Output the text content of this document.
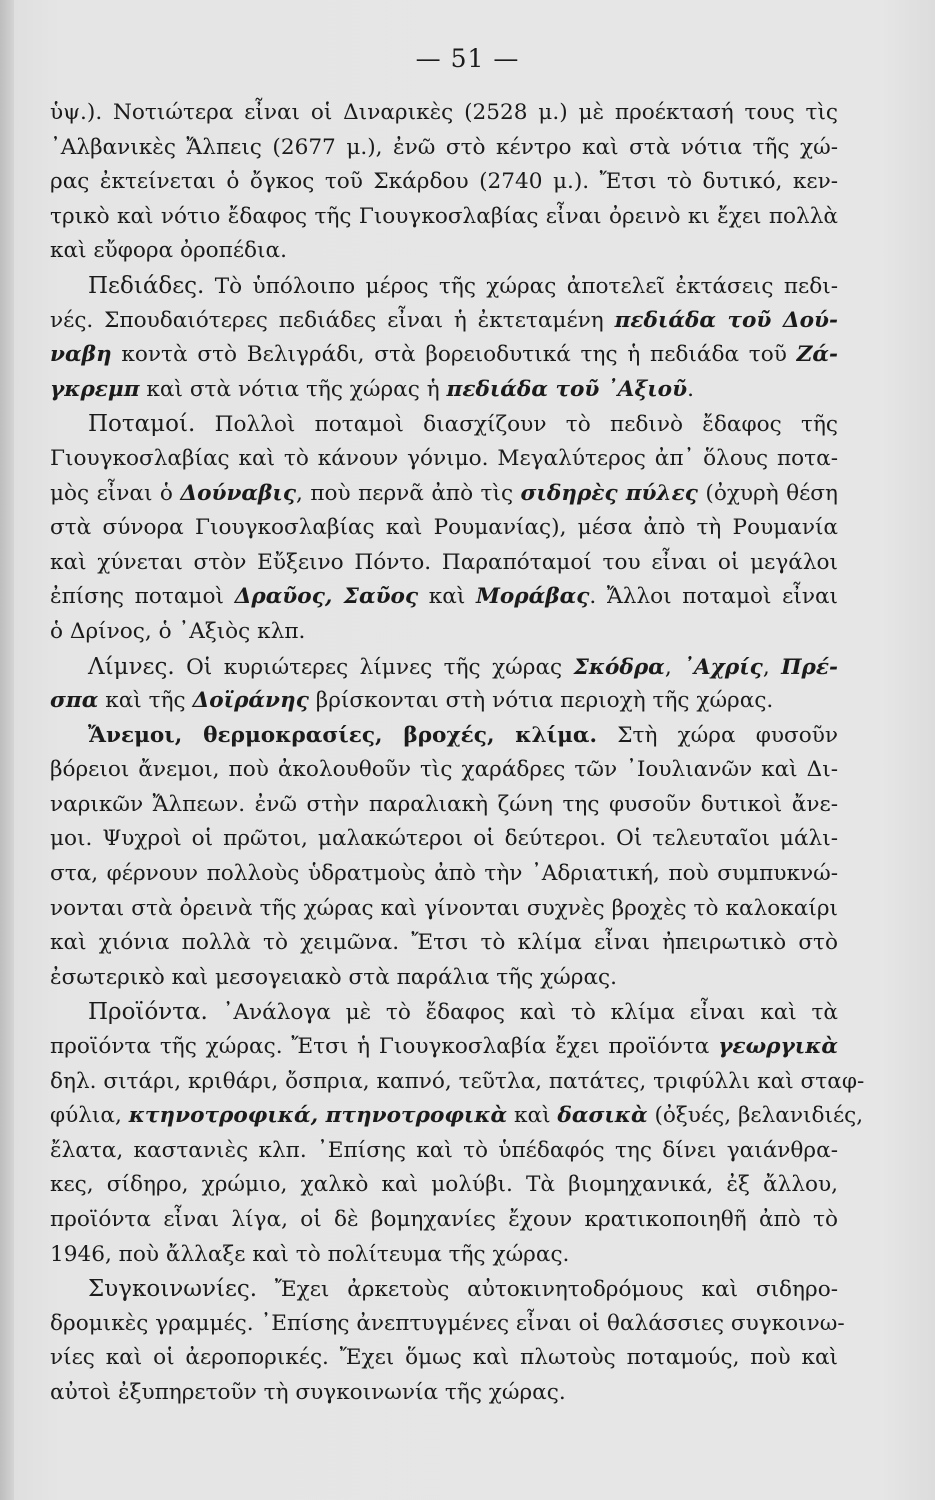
— 51 —
ὑψ.). Νοτιώτερα εἶναι οἱ Διναρικὲς (2528 μ.) μὲ προέκτασή τους τὶς
᾿Αλβανικὲς Ἄλπεις (2677 μ.), ἐνῶ στὸ κέντρο καὶ στὰ νότια τῆς χώ-
ρας ἐκτείνεται ὁ ὄγκος τοῦ Σκάρδου (2740 μ.). Ἔτσι τὸ δυτικό, κεν-
τρικὸ καὶ νότιο ἔδαφος τῆς Γιουγκοσλαβίας εἶναι ὀρεινὸ κι ἔχει πολλὰ
καὶ εὔφορα ὀροπέδια.
Πεδιάδες. Τὸ ὑπόλοιπο μέρος τῆς χώρας ἀποτελεῖ ἐκτάσεις πεδι-
νές. Σπουδαιότερες πεδιάδες εἶναι ἡ ἐκτεταμένη πεδιάδα τοῦ Δού-
ναβη κοντὰ στὸ Βελιγράδι, στὰ βορειοδυτικά της ἡ πεδιάδα τοῦ Ζά-
γκρεμπ καὶ στὰ νότια τῆς χώρας ἡ πεδιάδα τοῦ ᾿Αξιοῦ.
Ποταμοί. Πολλοὶ ποταμοὶ διασχίζουν τὸ πεδινὸ ἔδαφος τῆς
Γιουγκοσλαβίας καὶ τὸ κάνουν γόνιμο. Μεγαλύτερος ἀπ᾿ ὅλους ποτα-
μὸς εἶναι ὁ Δούναβις, ποὺ περνᾶ ἀπὸ τὶς σιδηρὲς πύλες (ὀχυρὴ θέση
στὰ σύνορα Γιουγκοσλαβίας καὶ Ρουμανίας), μέσα ἀπὸ τὴ Ρουμανία
καὶ χύνεται στὸν Εὔξεινο Πόντο. Παραπόταμοί του εἶναι οἱ μεγάλοι
ἐπίσης ποταμοὶ Δραῦος, Σαῦος καὶ Μοράβας. Ἄλλοι ποταμοὶ εἶναι
ὁ Δρίνος, ὁ ᾿Αξιὸς κλπ.
Λίμνες. Οἱ κυριώτερες λίμνες τῆς χώρας Σκόδρα, ᾿Αχρίς, Πρέ-
σπα καὶ τῆς Δοϊράνης βρίσκονται στὴ νότια περιοχὴ τῆς χώρας.
Ἄνεμοι, θερμοκρασίες, βροχές, κλίμα. Στὴ χώρα φυσοῦν
βόρειοι ἄνεμοι, ποὺ ἀκολουθοῦν τὶς χαράδρες τῶν ᾿Ιουλιανῶν καὶ Δι-
ναρικῶν Ἄλπεων. ἐνῶ στὴν παραλιακὴ ζώνη της φυσοῦν δυτικοὶ ἄνε-
μοι. Ψυχροὶ οἱ πρῶτοι, μαλακώτεροι οἱ δεύτεροι. Οἱ τελευταῖοι μάλι-
στα, φέρνουν πολλοὺς ὑδρατμοὺς ἀπὸ τὴν ᾿Αδριατική, ποὺ συμπυκνώ-
νονται στὰ ὀρεινὰ τῆς χώρας καὶ γίνονται συχνὲς βροχὲς τὸ καλοκαίρι
καὶ χιόνια πολλὰ τὸ χειμῶνα. Ἔτσι τὸ κλίμα εἶναι ἠπειρωτικὸ στὸ
ἐσωτερικὸ καὶ μεσογειακὸ στὰ παράλια τῆς χώρας.
Προϊόντα. ᾿Ανάλογα μὲ τὸ ἔδαφος καὶ τὸ κλίμα εἶναι καὶ τὰ
προϊόντα τῆς χώρας. Ἔτσι ἡ Γιουγκοσλαβία ἔχει προϊόντα γεωργικὰ
δηλ. σιτάρι, κριθάρι, ὄσπρια, καπνό, τεῦτλα, πατάτες, τριφύλλι καὶ σταφ-
φύλια, κτηνοτροφικά, πτηνοτροφικὰ καὶ δασικὰ (ὀξυές, βελανιδιές,
ἔλατα, καστανιὲς κλπ. ᾿Επίσης καὶ τὸ ὑπέδαφός της δίνει γαιάνθρα-
κες, σίδηρο, χρώμιο, χαλκὸ καὶ μολύβι. Τὰ βιομηχανικά, ἐξ ἄλλου,
προϊόντα εἶναι λίγα, οἱ δὲ βομηχανίες ἔχουν κρατικοποιηθῆ ἀπὸ τὸ
1946, ποὺ ἄλλαξε καὶ τὸ πολίτευμα τῆς χώρας.
Συγκοινωνίες. Ἔχει ἀρκετοὺς αὐτοκινητοδρόμους καὶ σιδηρο-
δρομικὲς γραμμές. ᾿Επίσης ἀνεπτυγμένες εἶναι οἱ θαλάσσιες συγκοινω-
νίες καὶ οἱ ἀεροπορικές. Ἔχει ὅμως καὶ πλωτοὺς ποταμούς, ποὺ καὶ
αὐτοὶ ἐξυπηρετοῦν τὴ συγκοινωνία τῆς χώρας.
